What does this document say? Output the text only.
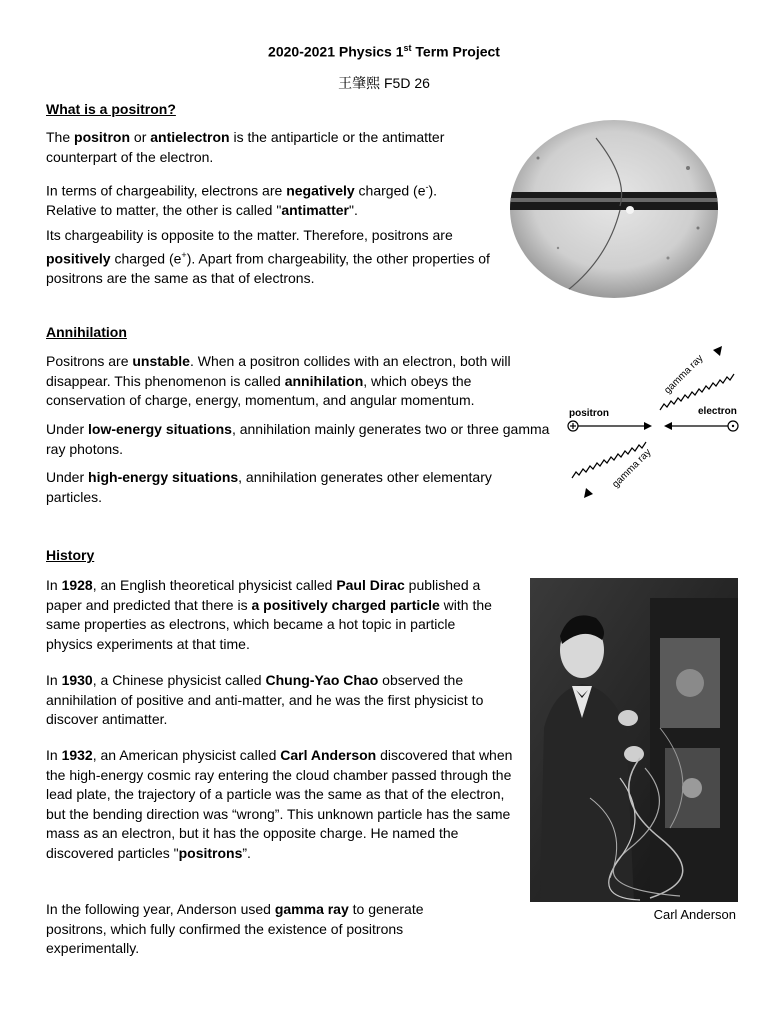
2020-2021 Physics 1st Term Project
王肇熙 F5D 26
What is a positron?

The positron or antielectron is the antiparticle or the antimatter counterpart of the electron.

In terms of chargeability, electrons are negatively charged (e-). Relative to matter, the other is called "antimatter".

Its chargeability is opposite to the matter. Therefore, positrons are positively charged (e+). Apart from chargeability, the other properties of positrons are the same as that of electrons.

Annihilation

Positrons are unstable. When a positron collides with an electron, both will disappear. This phenomenon is called annihilation, which obeys the conservation of charge, energy, momentum, and angular momentum.

Under low-energy situations, annihilation mainly generates two or three gamma ray photons.

Under high-energy situations, annihilation generates other elementary particles.

positron	electron
gamma ray
gamma ray
History

In 1928, an English theoretical physicist called Paul Dirac published a paper and predicted that there is a positively charged particle with the same properties as electrons, which became a hot topic in particle physics experiments at that time.

In 1930, a Chinese physicist called Chung-Yao Chao observed the annihilation of positive and anti-matter, and he was the first physicist to discover antimatter.

In 1932, an American physicist called Carl Anderson discovered that when the high-energy cosmic ray entering the cloud chamber passed through the lead plate, the trajectory of a particle was the same as that of the electron, but the bending direction was “wrong”. This unknown particle has the same mass as an electron, but it has the opposite charge. He named the discovered particles "positrons”.

In the following year, Anderson used gamma ray to generate positrons, which fully confirmed the existence of positrons experimentally.

Carl Anderson
